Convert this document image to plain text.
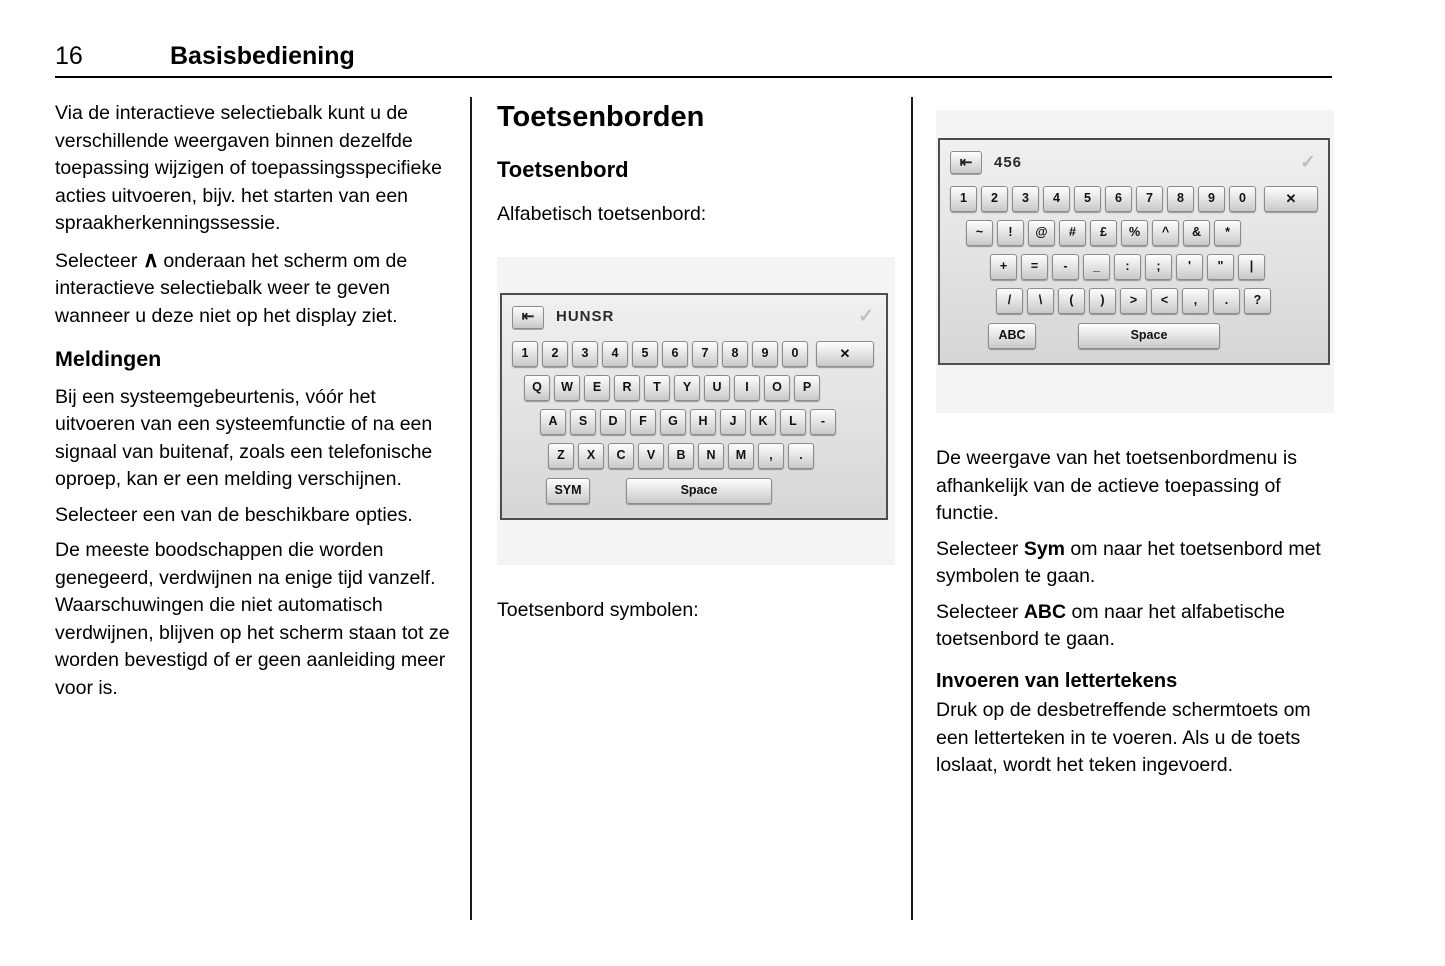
16	Basisbediening

Via de interactieve selectiebalk kunt u de verschillende weergaven binnen dezelfde toepassing wijzigen of toepassingsspecifieke acties uitvoeren, bijv. het starten van een spraakherkenningssessie.

Selecteer ∧ onderaan het scherm om de interactieve selectiebalk weer te geven wanneer u deze niet op het display ziet.

Meldingen

Bij een systeemgebeurtenis, vóór het uitvoeren van een systeemfunctie of na een signaal van buitenaf, zoals een telefonische oproep, kan er een melding verschijnen.

Selecteer een van de beschikbare opties.

De meeste boodschappen die worden genegeerd, verdwijnen na enige tijd vanzelf. Waarschuwingen die niet automatisch verdwijnen, blijven op het scherm staan tot ze worden bevestigd of er geen aanleiding meer voor is.

Toetsenborden
Toetsenbord
Alfabetisch toetsenbord:
⇤	HUNSR	✓
1	2	3	4	5	6	7	8	9	0	✕
Q	W	E	R	T	Y	U	I	O	P
A	S	D	F	G	H	J	K	L	-
Z	X	C	V	B	N	M	,	.
SYM	Space
Toetsenbord symbolen:
⇤	456	✓
1	2	3	4	5	6	7	8	9	0	✕
~	!	@	#	£	%	^	&	*
+	=	-	_	:	;	'	"	|
/	\	(	)	>	<	,	.	?
ABC	Space

De weergave van het toetsenbordmenu is afhankelijk van de actieve toepassing of functie.

Selecteer Sym om naar het toetsenbord met symbolen te gaan.

Selecteer ABC om naar het alfabetische toetsenbord te gaan.

Invoeren van lettertekens

Druk op de desbetreffende schermtoets om een letterteken in te voeren. Als u de toets loslaat, wordt het teken ingevoerd.
